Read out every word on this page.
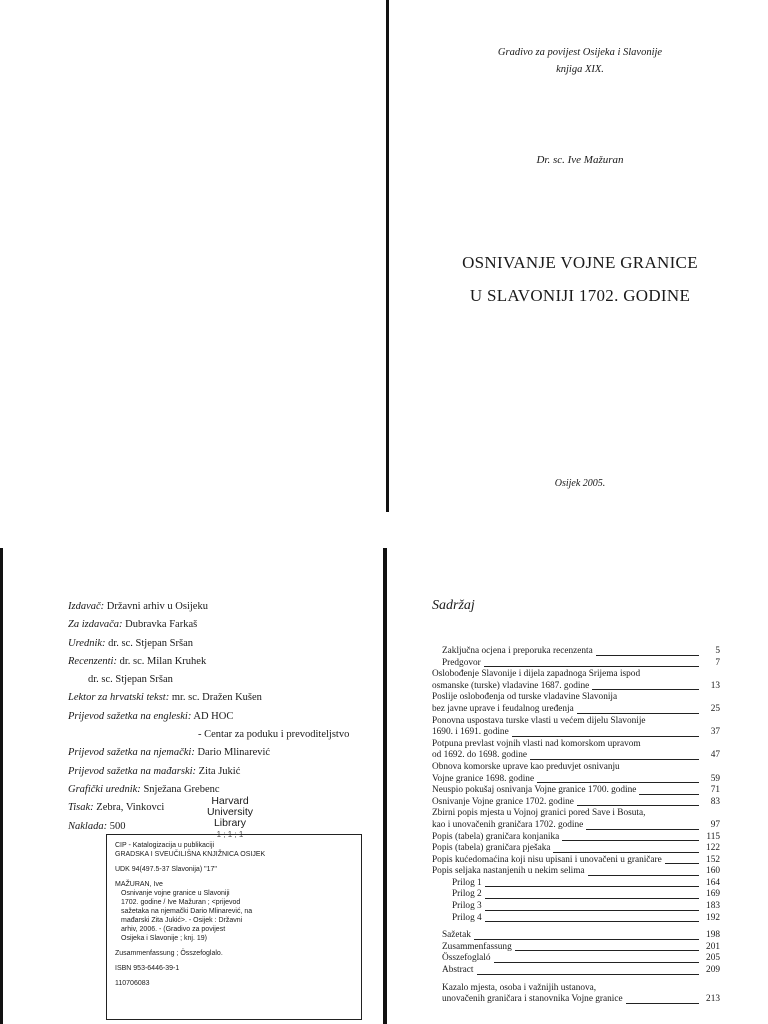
Gradivo za povijest Osijeka i Slavonije
knjiga XIX.
Dr. sc. Ive Mažuran
OSNIVANJE VOJNE GRANICE
U SLAVONIJI 1702. GODINE
Osijek 2005.
Izdavač: Državni arhiv u Osijeku
Za izdavača: Dubravka Farkaš
Urednik: dr. sc. Stjepan Sršan
Recenzenti: dr. sc. Milan Kruhek
dr. sc. Stjepan Sršan
Lektor za hrvatski tekst: mr. sc. Dražen Kušen
Prijevod sažetka na engleski: AD HOC
- Centar za poduku i prevoditeljstvo
Prijevod sažetka na njemački: Dario Mlinarević
Prijevod sažetka na mađarski: Zita Jukić
Grafički urednik: Snježana Grebenc
Tisak: Zebra, Vinkovci
Naklada: 500
Harvard
University
Library
1 ; 1 ; 1

CIP - Katalogizacija u publikaciji
GRADSKA I SVEUČILIŠNA KNJIŽNICA OSIJEK

UDK 94(497.5-37 Slavonija) "17"

MAŽURAN, Ive
Osnivanje vojne granice u Slavoniji
1702. godine / Ive Mažuran ; <prijevod
sažetaka na njemački Dario Mlinarević, na
mađarski Zita Jukić>. - Osijek : Državni
arhiv, 2006. - (Gradivo za povijest
Osijeka i Slavonije ; knj. 19)

Zusammenfassung ; Összefoglalo.

ISBN 953-6446-39-1

110706083

Sadržaj
Zaključna ocjena i preporuka recenzenta	5
Predgovor	7
Oslobođenje Slavonije i dijela zapadnoga Srijema ispod
osmanske (turske) vladavine 1687. godine	13
Poslije oslobođenja od turske vladavine Slavonija
bez javne uprave i feudalnog uređenja	25
Ponovna uspostava turske vlasti u većem dijelu Slavonije
1690. i 1691. godine	37
Potpuna prevlast vojnih vlasti nad komorskom upravom
od 1692. do 1698. godine	47
Obnova komorske uprave kao preduvjet osnivanju
Vojne granice 1698. godine	59
Neuspio pokušaj osnivanja Vojne granice 1700. godine	71
Osnivanje Vojne granice 1702. godine	83
Zbirni popis mjesta u Vojnoj granici pored Save i Bosuta,
kao i unovačenih graničara 1702. godine	97
Popis (tabela) graničara konjanika	115
Popis (tabela) graničara pješaka	122
Popis kućedomaćina koji nisu upisani i unovačeni u graničare	152
Popis seljaka nastanjenih u nekim selima	160
Prilog 1	164
Prilog 2	169
Prilog 3	183
Prilog 4	192
Sažetak	198
Zusammenfassung	201
Összefoglaló	205
Abstract	209
Kazalo mjesta, osoba i važnijih ustanova,
unovačenih graničara i stanovnika Vojne granice	213
